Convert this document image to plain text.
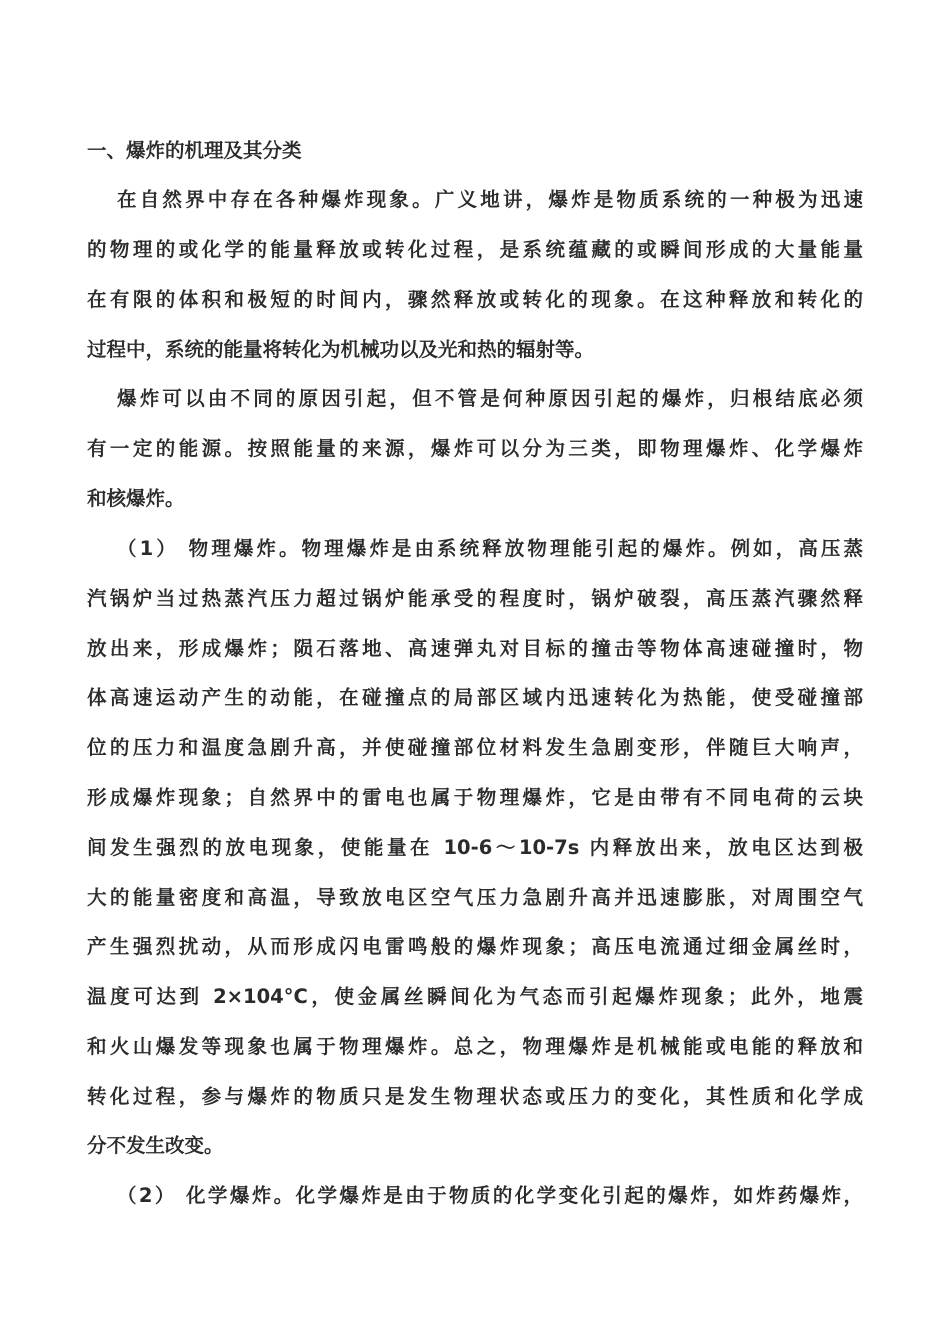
一、爆炸的机理及其分类
在自然界中存在各种爆炸现象。广义地讲，爆炸是物质系统的一种极为迅速
的物理的或化学的能量释放或转化过程，是系统蕴藏的或瞬间形成的大量能量
在有限的体积和极短的时间内，骤然释放或转化的现象。在这种释放和转化的
过程中，系统的能量将转化为机械功以及光和热的辐射等。
爆炸可以由不同的原因引起，但不管是何种原因引起的爆炸，归根结底必须
有一定的能源。按照能量的来源，爆炸可以分为三类，即物理爆炸、化学爆炸
和核爆炸。
（1） 物理爆炸。物理爆炸是由系统释放物理能引起的爆炸。例如，高压蒸
汽锅炉当过热蒸汽压力超过锅炉能承受的程度时，锅炉破裂，高压蒸汽骤然释
放出来，形成爆炸；陨石落地、高速弹丸对目标的撞击等物体高速碰撞时，物
体高速运动产生的动能，在碰撞点的局部区域内迅速转化为热能，使受碰撞部
位的压力和温度急剧升高，并使碰撞部位材料发生急剧变形，伴随巨大响声，
形成爆炸现象；自然界中的雷电也属于物理爆炸，它是由带有不同电荷的云块
间发生强烈的放电现象，使能量在 10-6～10-7s 内释放出来，放电区达到极
大的能量密度和高温，导致放电区空气压力急剧升高并迅速膨胀，对周围空气
产生强烈扰动，从而形成闪电雷鸣般的爆炸现象；高压电流通过细金属丝时，
温度可达到 2×104°C，使金属丝瞬间化为气态而引起爆炸现象；此外，地震
和火山爆发等现象也属于物理爆炸。总之，物理爆炸是机械能或电能的释放和
转化过程，参与爆炸的物质只是发生物理状态或压力的变化，其性质和化学成
分不发生改变。
（2） 化学爆炸。化学爆炸是由于物质的化学变化引起的爆炸，如炸药爆炸，
